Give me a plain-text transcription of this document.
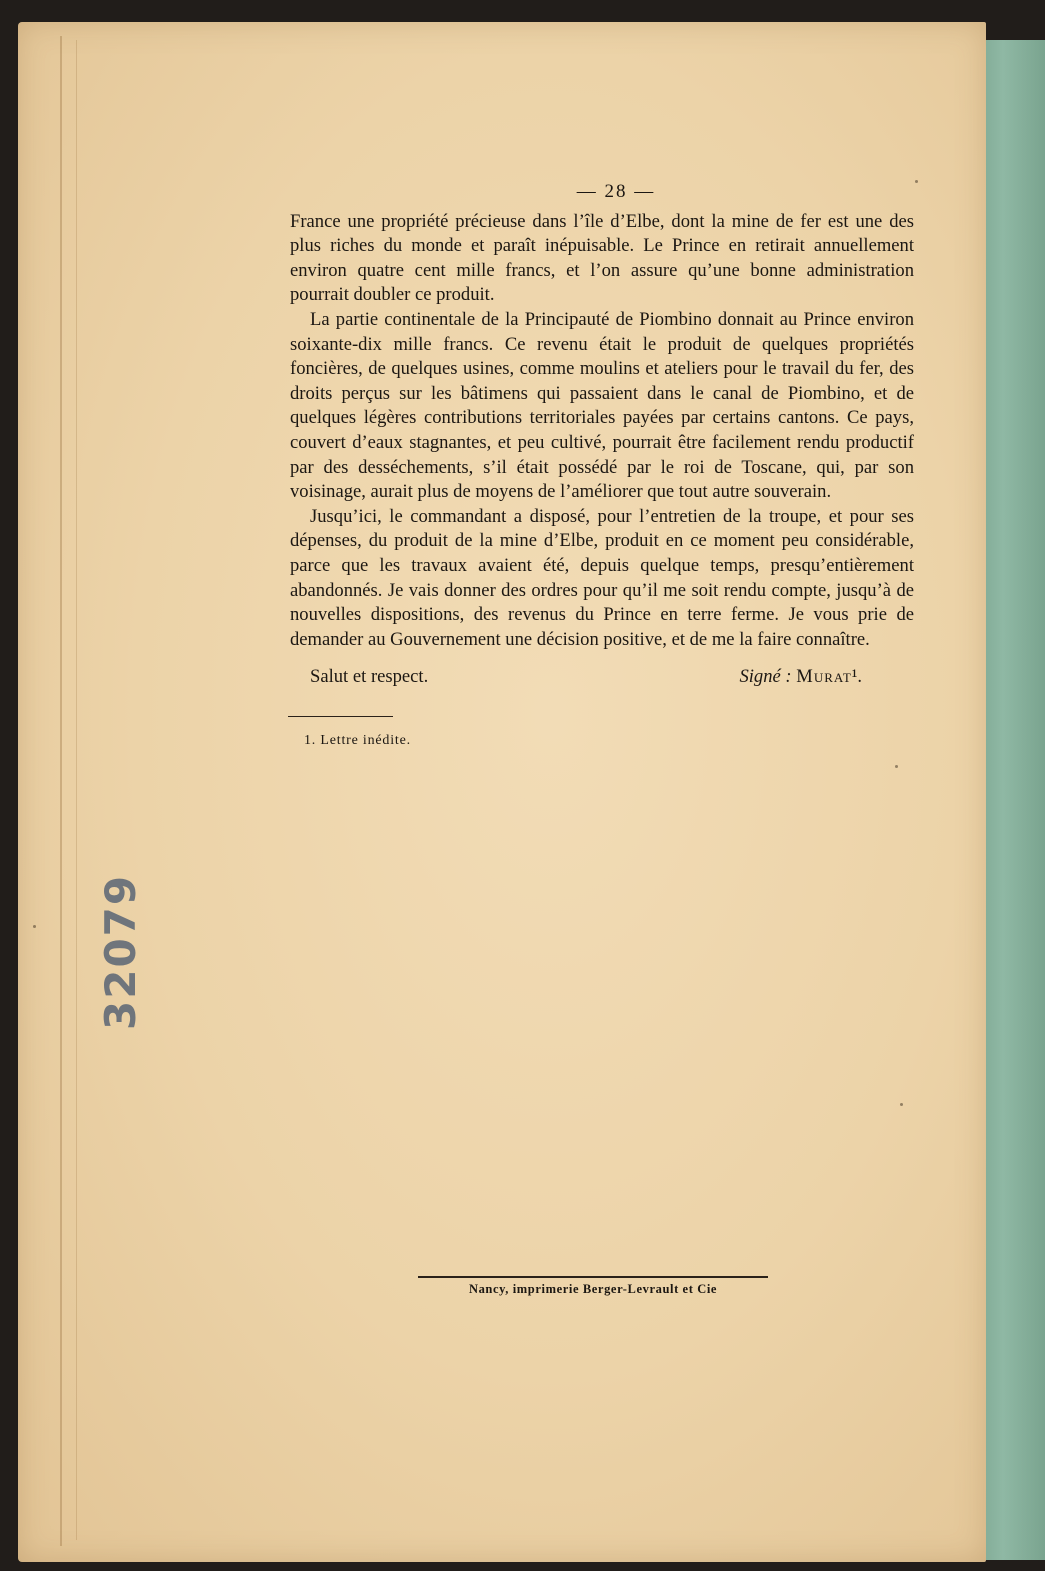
— 28 —

France une propriété précieuse dans l’île d’Elbe, dont la mine de fer est une des plus riches du monde et paraît inépuisable. Le Prince en retirait annuellement environ quatre cent mille francs, et l’on assure qu’une bonne administration pourrait doubler ce produit.

La partie continentale de la Principauté de Piombino donnait au Prince environ soixante-dix mille francs. Ce revenu était le produit de quelques propriétés foncières, de quelques usines, comme moulins et ateliers pour le travail du fer, des droits perçus sur les bâtimens qui passaient dans le canal de Piombino, et de quelques légères contributions territoriales payées par certains cantons. Ce pays, couvert d’eaux stagnantes, et peu cultivé, pourrait être facilement rendu productif par des desséchements, s’il était possédé par le roi de Toscane, qui, par son voisinage, aurait plus de moyens de l’améliorer que tout autre souverain.

Jusqu’ici, le commandant a disposé, pour l’entretien de la troupe, et pour ses dépenses, du produit de la mine d’Elbe, produit en ce moment peu considérable, parce que les travaux avaient été, depuis quelque temps, presqu’entièrement abandonnés. Je vais donner des ordres pour qu’il me soit rendu compte, jusqu’à de nouvelles dispositions, des revenus du Prince en terre ferme. Je vous prie de demander au Gouvernement une décision positive, et de me la faire connaître.

Salut et respect.	Signé : Murat¹.
1. Lettre inédite.
Nancy, imprimerie Berger-Levrault et Cie
32079
